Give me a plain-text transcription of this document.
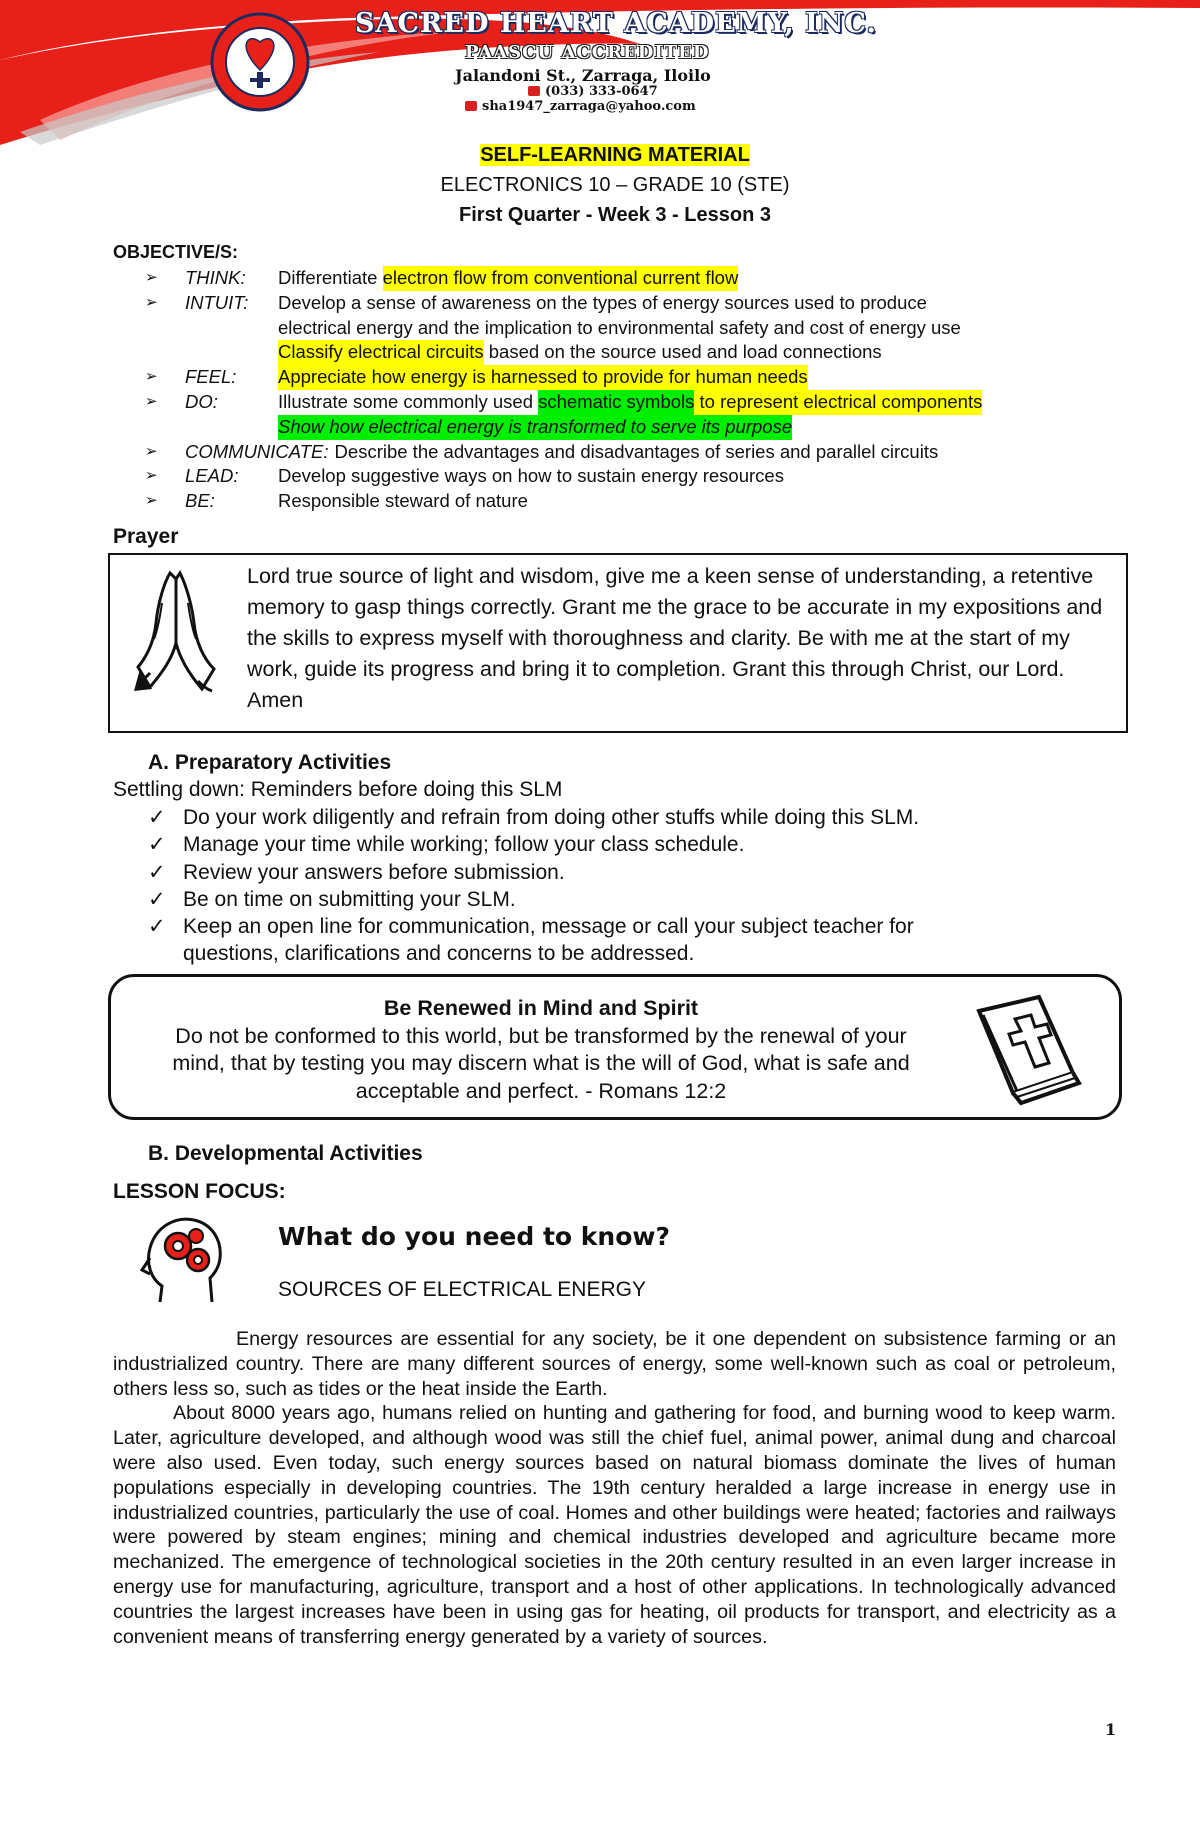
SACRED HEART ACADEMY, INC.
PAASCU ACCREDITED
Jalandoni St., Zarraga, Iloilo
(033) 333-0647
sha1947_zarraga@yahoo.com
SELF-LEARNING MATERIAL
ELECTRONICS 10 – GRADE 10 (STE)
First Quarter - Week 3 - Lesson 3
OBJECTIVE/S:
➢	THINK:	Differentiate electron flow from conventional current flow
➢	INTUIT:	Develop a sense of awareness on the types of energy sources used to produce
electrical energy and the implication to environmental safety and cost of energy use
Classify electrical circuits based on the source used and load connections
➢	FEEL:	Appreciate how energy is harnessed to provide for human needs
➢	DO:	Illustrate some commonly used schematic symbols to represent electrical components
Show how electrical energy is transformed to serve its purpose
➢	COMMUNICATE: Describe the advantages and disadvantages of series and parallel circuits
➢	LEAD:	Develop suggestive ways on how to sustain energy resources
➢	BE:	Responsible steward of nature
Prayer
Lord true source of light and wisdom, give me a keen sense of understanding, a retentive memory to gasp things correctly. Grant me the grace to be accurate in my expositions and the skills to express myself with thoroughness and clarity. Be with me at the start of my work, guide its progress and bring it to completion. Grant this through Christ, our Lord. Amen
A. Preparatory Activities
Settling down: Reminders before doing this SLM
✓ Do your work diligently and refrain from doing other stuffs while doing this SLM.
✓ Manage your time while working; follow your class schedule.
✓ Review your answers before submission.
✓ Be on time on submitting your SLM.
✓ Keep an open line for communication, message or call your subject teacher for
questions, clarifications and concerns to be addressed.
Be Renewed in Mind and Spirit
Do not be conformed to this world, but be transformed by the renewal of your
mind, that by testing you may discern what is the will of God, what is safe and
acceptable and perfect. - Romans 12:2
B. Developmental Activities
LESSON FOCUS:
What do you need to know?
SOURCES OF ELECTRICAL ENERGY

Energy resources are essential for any society, be it one dependent on subsistence farming or an industrialized country. There are many different sources of energy, some well-known such as coal or petroleum, others less so, such as tides or the heat inside the Earth.

About 8000 years ago, humans relied on hunting and gathering for food, and burning wood to keep warm. Later, agriculture developed, and although wood was still the chief fuel, animal power, animal dung and charcoal were also used. Even today, such energy sources based on natural biomass dominate the lives of human populations especially in developing countries. The 19th century heralded a large increase in energy use in industrialized countries, particularly the use of coal. Homes and other buildings were heated; factories and railways were powered by steam engines; mining and chemical industries developed and agriculture became more mechanized. The emergence of technological societies in the 20th century resulted in an even larger increase in energy use for manufacturing, agriculture, transport and a host of other applications. In technologically advanced countries the largest increases have been in using gas for heating, oil products for transport, and electricity as a convenient means of transferring energy generated by a variety of sources.

1
